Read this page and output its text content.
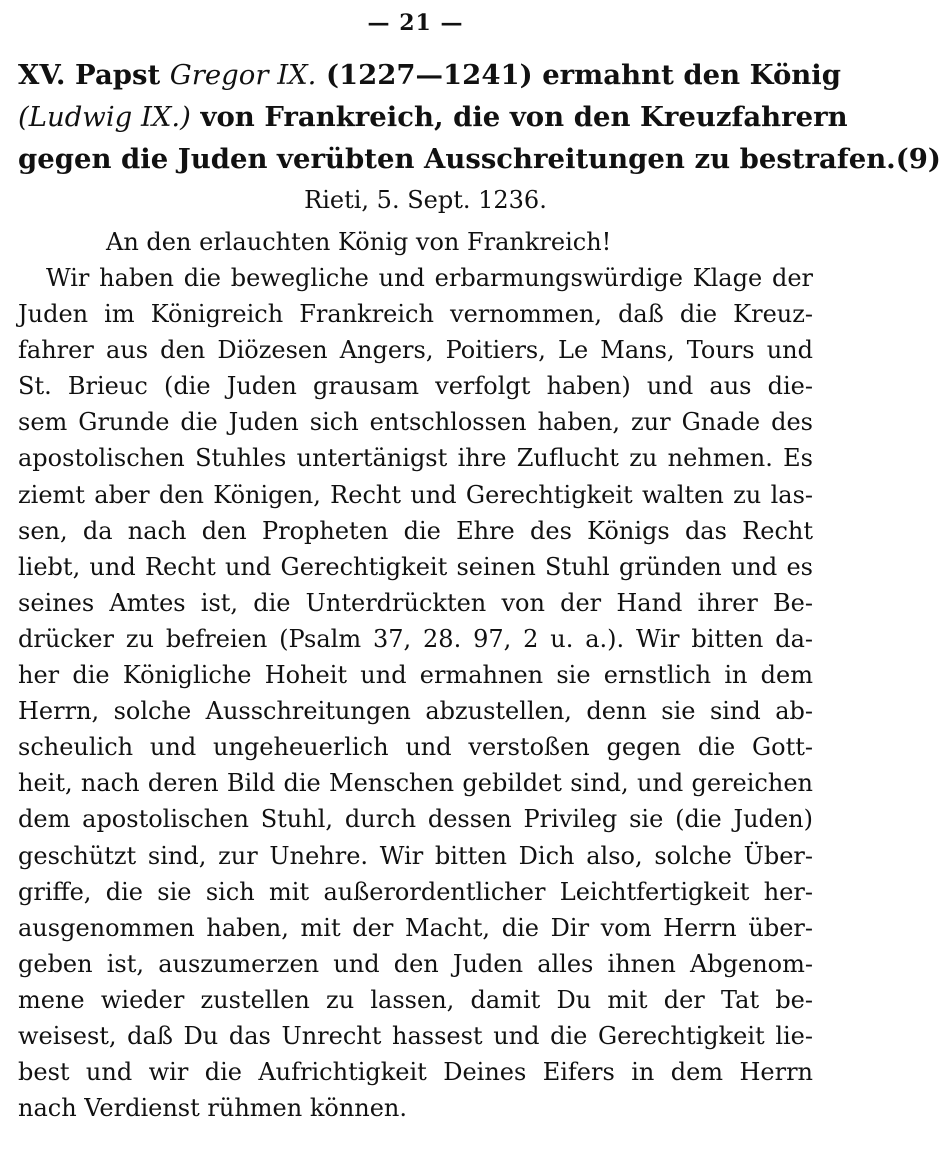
— 21 —
XV. Papst Gregor IX. (1227—1241) ermahnt den König
(Ludwig IX.) von Frankreich, die von den Kreuzfahrern
gegen die Juden verübten Ausschreitungen zu bestrafen.(9)
Rieti, 5. Sept. 1236.
An den erlauchten König von Frankreich!
Wir haben die bewegliche und erbarmungswürdige Klage der
Juden im Königreich Frankreich vernommen, daß die Kreuz-
fahrer aus den Diözesen Angers, Poitiers, Le Mans, Tours und
St. Brieuc (die Juden grausam verfolgt haben) und aus die-
sem Grunde die Juden sich entschlossen haben, zur Gnade des
apostolischen Stuhles untertänigst ihre Zuflucht zu nehmen. Es
ziemt aber den Königen, Recht und Gerechtigkeit walten zu las-
sen, da nach den Propheten die Ehre des Königs das Recht
liebt, und Recht und Gerechtigkeit seinen Stuhl gründen und es
seines Amtes ist, die Unterdrückten von der Hand ihrer Be-
drücker zu befreien (Psalm 37, 28. 97, 2 u. a.). Wir bitten da-
her die Königliche Hoheit und ermahnen sie ernstlich in dem
Herrn, solche Ausschreitungen abzustellen, denn sie sind ab-
scheulich und ungeheuerlich und verstoßen gegen die Gott-
heit, nach deren Bild die Menschen gebildet sind, und gereichen
dem apostolischen Stuhl, durch dessen Privileg sie (die Juden)
geschützt sind, zur Unehre. Wir bitten Dich also, solche Über-
griffe, die sie sich mit außerordentlicher Leichtfertigkeit her-
ausgenommen haben, mit der Macht, die Dir vom Herrn über-
geben ist, auszumerzen und den Juden alles ihnen Abgenom-
mene wieder zustellen zu lassen, damit Du mit der Tat be-
weisest, daß Du das Unrecht hassest und die Gerechtigkeit lie-
best und wir die Aufrichtigkeit Deines Eifers in dem Herrn
nach Verdienst rühmen können.
